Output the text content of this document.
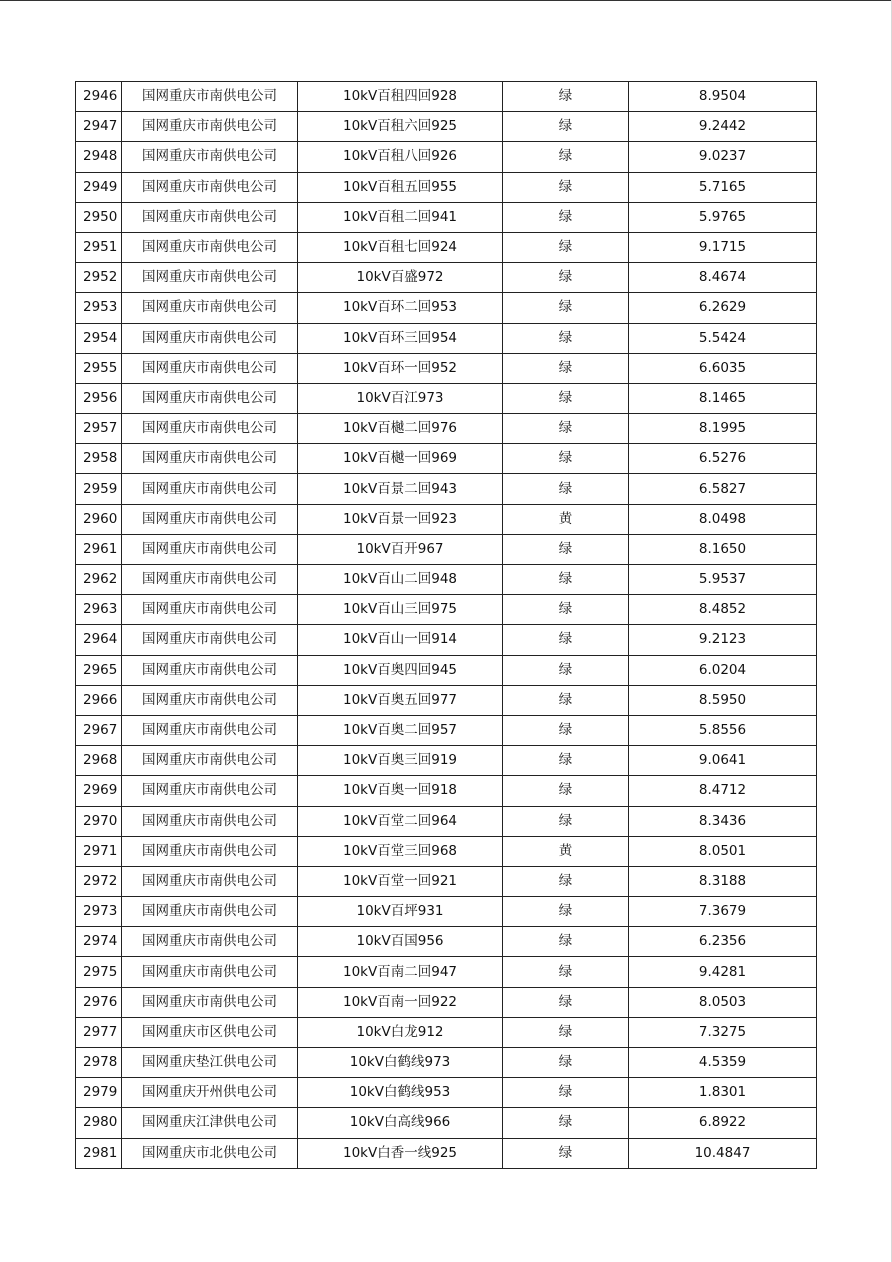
2946	国网重庆市南供电公司	10kV百租四回928	绿	8.9504
2947	国网重庆市南供电公司	10kV百租六回925	绿	9.2442
2948	国网重庆市南供电公司	10kV百租八回926	绿	9.0237
2949	国网重庆市南供电公司	10kV百租五回955	绿	5.7165
2950	国网重庆市南供电公司	10kV百租二回941	绿	5.9765
2951	国网重庆市南供电公司	10kV百租七回924	绿	9.1715
2952	国网重庆市南供电公司	10kV百盛972	绿	8.4674
2953	国网重庆市南供电公司	10kV百环二回953	绿	6.2629
2954	国网重庆市南供电公司	10kV百环三回954	绿	5.5424
2955	国网重庆市南供电公司	10kV百环一回952	绿	6.6035
2956	国网重庆市南供电公司	10kV百江973	绿	8.1465
2957	国网重庆市南供电公司	10kV百樾二回976	绿	8.1995
2958	国网重庆市南供电公司	10kV百樾一回969	绿	6.5276
2959	国网重庆市南供电公司	10kV百景二回943	绿	6.5827
2960	国网重庆市南供电公司	10kV百景一回923	黄	8.0498
2961	国网重庆市南供电公司	10kV百开967	绿	8.1650
2962	国网重庆市南供电公司	10kV百山二回948	绿	5.9537
2963	国网重庆市南供电公司	10kV百山三回975	绿	8.4852
2964	国网重庆市南供电公司	10kV百山一回914	绿	9.2123
2965	国网重庆市南供电公司	10kV百奥四回945	绿	6.0204
2966	国网重庆市南供电公司	10kV百奥五回977	绿	8.5950
2967	国网重庆市南供电公司	10kV百奥二回957	绿	5.8556
2968	国网重庆市南供电公司	10kV百奥三回919	绿	9.0641
2969	国网重庆市南供电公司	10kV百奥一回918	绿	8.4712
2970	国网重庆市南供电公司	10kV百堂二回964	绿	8.3436
2971	国网重庆市南供电公司	10kV百堂三回968	黄	8.0501
2972	国网重庆市南供电公司	10kV百堂一回921	绿	8.3188
2973	国网重庆市南供电公司	10kV百坪931	绿	7.3679
2974	国网重庆市南供电公司	10kV百国956	绿	6.2356
2975	国网重庆市南供电公司	10kV百南二回947	绿	9.4281
2976	国网重庆市南供电公司	10kV百南一回922	绿	8.0503
2977	国网重庆市区供电公司	10kV白龙912	绿	7.3275
2978	国网重庆垫江供电公司	10kV白鹤线973	绿	4.5359
2979	国网重庆开州供电公司	10kV白鹤线953	绿	1.8301
2980	国网重庆江津供电公司	10kV白高线966	绿	6.8922
2981	国网重庆市北供电公司	10kV白香一线925	绿	10.4847
